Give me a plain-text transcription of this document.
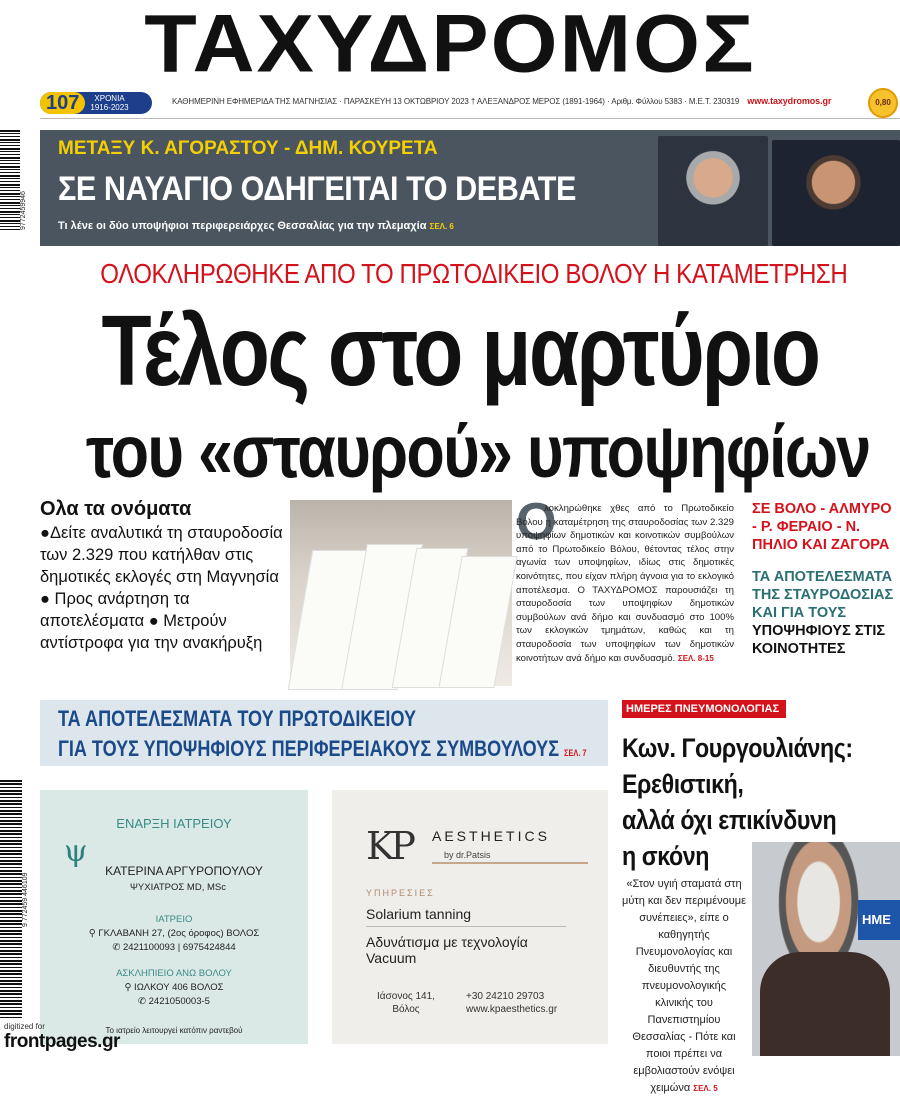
ΤΑΧΥΔΡΟΜΟΣ
107	ΧΡΟΝΙΑ
1916-2023
ΚΑΘΗΜΕΡΙΝΗ ΕΦΗΜΕΡΙΔΑ ΤΗΣ ΜΑΓΝΗΣΙΑΣ · ΠΑΡΑΣΚΕΥΗ 13 ΟΚΤΩΒΡΙΟΥ 2023 † ΑΛΕΞΑΝΔΡΟΣ ΜΕΡΟΣ (1891-1964) · Αριθμ. Φύλλου 5383 · Μ.Ε.Τ. 230319 www.taxydromos.gr	0,80
9772459946
ΜΕΤΑΞΥ Κ. ΑΓΟΡΑΣΤΟΥ - ΔΗΜ. ΚΟΥΡΕΤΑ
ΣΕ ΝΑΥΑΓΙΟ ΟΔΗΓΕΙΤΑΙ ΤΟ DEBATE
Τι λένε οι δύο υποψήφιοι περιφερειάρχες Θεσσαλίας για την πλεμαχία ΣΕΛ. 6
ΟΛΟΚΛΗΡΩΘΗΚΕ ΑΠΟ ΤΟ ΠΡΩΤΟΔΙΚΕΙΟ ΒΟΛΟΥ Η ΚΑΤΑΜΕΤΡΗΣΗ
Τέλος στο μαρτύριο
του «σταυρού» υποψηφίων
Ολα τα ονόματα
●Δείτε αναλυτικά τη σταυροδοσία των 2.329 που κατήλθαν στις δημοτικές εκλογές στη Μαγνησία ● Προς ανάρτηση τα αποτελέσματα ● Μετρούν αντίστροφα για την ανακήρυξη
Ο
λοκληρώθηκε χθες από το Πρωτοδικείο Βόλου η καταμέτρηση της σταυροδοσίας των 2.329 υποψηφίων δημοτικών και κοινοτικών συμβούλων από το Πρωτοδικείο Βόλου, θέτοντας τέλος στην αγωνία των υποψηφίων, ιδίως στις δημοτικές κοινότητες, που είχαν πλήρη άγνοια για το εκλογικό αποτέλεσμα. Ο ΤΑΧΥΔΡΟΜΟΣ παρουσιάζει τη σταυροδοσία των υποψηφίων δημοτικών συμβούλων ανά δήμο και συνδυασμό στο 100% των εκλογικών τμημάτων, καθώς και τη σταυροδοσία των υποψηφίων των δημοτικών κοινοτήτων ανά δήμο και συνδυασμό. ΣΕΛ. 8-15
ΣΕ ΒΟΛΟ - ΑΛΜΥΡΟ - Ρ. ΦΕΡΑΙΟ - Ν. ΠΗΛΙΟ ΚΑΙ ΖΑΓΟΡΑ
ΤΑ ΑΠΟΤΕΛΕΣΜΑΤΑ ΤΗΣ ΣΤΑΥΡΟΔΟΣΙΑΣ ΚΑΙ ΓΙΑ ΤΟΥΣ ΥΠΟΨΗΦΙΟΥΣ ΣΤΙΣ ΚΟΙΝΟΤΗΤΕΣ
ΤΑ ΑΠΟΤΕΛΕΣΜΑΤΑ ΤΟΥ ΠΡΩΤΟΔΙΚΕΙΟΥ
ΓΙΑ ΤΟΥΣ ΥΠΟΨΗΦΙΟΥΣ ΠΕΡΙΦΕΡΕΙΑΚΟΥΣ ΣΥΜΒΟΥΛΟΥΣ ΣΕΛ. 7
ΗΜΕΡΕΣ ΠΝΕΥΜΟΝΟΛΟΓΙΑΣ
Κων. Γουργουλιάνης:
Ερεθιστική,
αλλά όχι επικίνδυνη
η σκόνη
«Στον υγιή σταματά στη μύτη και δεν περιμένουμε συνέπειες», είπε ο καθηγητής Πνευμονολογίας και διευθυντής της πνευμονολογικής κλινικής του Πανεπιστημίου Θεσσαλίας - Πότε και ποιοι πρέπει να εμβολιαστούν ενόψει χειμώνα ΣΕΛ. 5
ΗΜΕ
ΕΝΑΡΞΗ ΙΑΤΡΕΙΟΥ
ψ
ΚΑΤΕΡΙΝΑ ΑΡΓΥΡΟΠΟΥΛΟΥ
ΨΥΧΙΑΤΡΟΣ MD, MSc
ΙΑΤΡΕΙΟ
⚲ ΓΚΛΑΒΑΝΗ 27, (2ος όροφος) ΒΟΛΟΣ
✆ 2421100093 | 6975424844
ΑΣΚΛΗΠΙΕΙΟ ΑΝΩ ΒΟΛΟΥ
⚲ ΙΩΛΚΟΥ 406 ΒΟΛΟΣ
✆ 2421050003-5
Το ιατρείο λειτουργεί κατόπιν ραντεβού
KP AESTHETICS
by dr.Patsis
ΥΠΗΡΕΣΙΕΣ
Solarium tanning
Αδυνάτισμα με τεχνολογία Vacuum
Ιάσονος 141, Βόλος
+30 24210 29703
www.kpaesthetics.gr
9 772459 446109
digitized for
frontpages.gr
